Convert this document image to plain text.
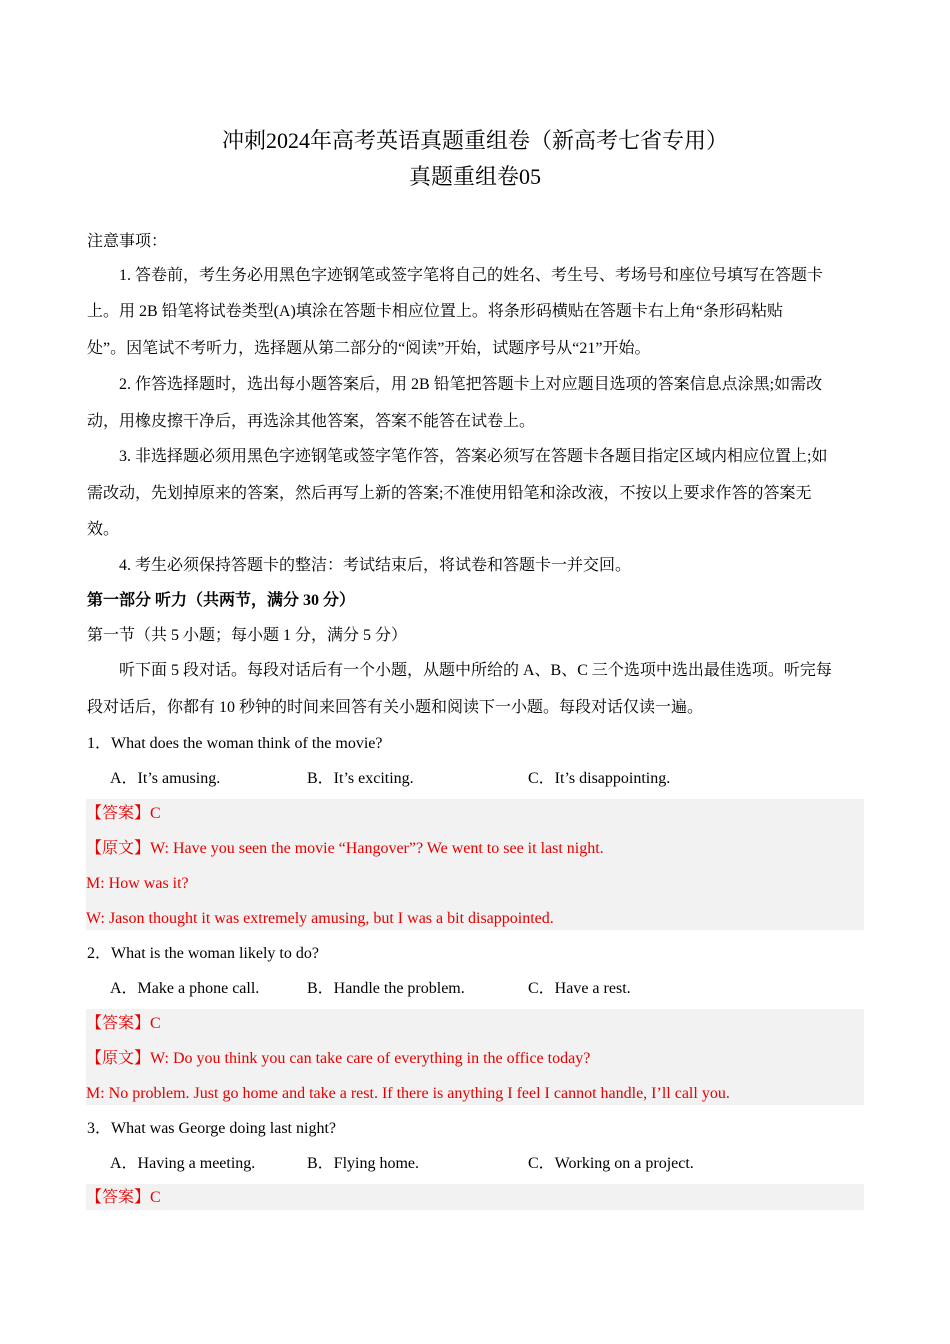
冲刺2024年高考英语真题重组卷（新高考七省专用）
真题重组卷05

注意事项：

1. 答卷前，考生务必用黑色字迹钢笔或签字笔将自己的姓名、考生号、考场号和座位号填写在答题卡

上。用 2B 铅笔将试卷类型(A)填涂在答题卡相应位置上。将条形码横贴在答题卡右上角“条形码粘贴

处”。因笔试不考听力，选择题从第二部分的“阅读”开始，试题序号从“21”开始。

2. 作答选择题时，选出每小题答案后，用 2B 铅笔把答题卡上对应题目选项的答案信息点涂黑;如需改

动，用橡皮擦干净后，再选涂其他答案，答案不能答在试卷上。

3. 非选择题必须用黑色字迹钢笔或签字笔作答，答案必须写在答题卡各题目指定区域内相应位置上;如

需改动，先划掉原来的答案，然后再写上新的答案;不准使用铅笔和涂改液，不按以上要求作答的答案无

效。

4. 考生必须保持答题卡的整洁：考试结束后，将试卷和答题卡一并交回。

第一部分 听力（共两节，满分 30 分）

第一节（共 5 小题；每小题 1 分，满分 5 分）

听下面 5 段对话。每段对话后有一个小题，从题中所给的 A、B、C 三个选项中选出最佳选项。听完每

段对话后，你都有 10 秒钟的时间来回答有关小题和阅读下一小题。每段对话仅读一遍。

1．What does the woman think of the movie?

A．It’s amusing.	B．It’s exciting.	C．It’s disappointing.
【答案】C
【原文】W: Have you seen the movie “Hangover”? We went to see it last night.
M: How was it?
W: Jason thought it was extremely amusing, but I was a bit disappointed.

2．What is the woman likely to do?

A．Make a phone call.	B．Handle the problem.	C．Have a rest.
【答案】C
【原文】W: Do you think you can take care of everything in the office today?
M: No problem. Just go home and take a rest. If there is anything I feel I cannot handle, I’ll call you.

3．What was George doing last night?

A．Having a meeting.	B．Flying home.	C．Working on a project.
【答案】C
